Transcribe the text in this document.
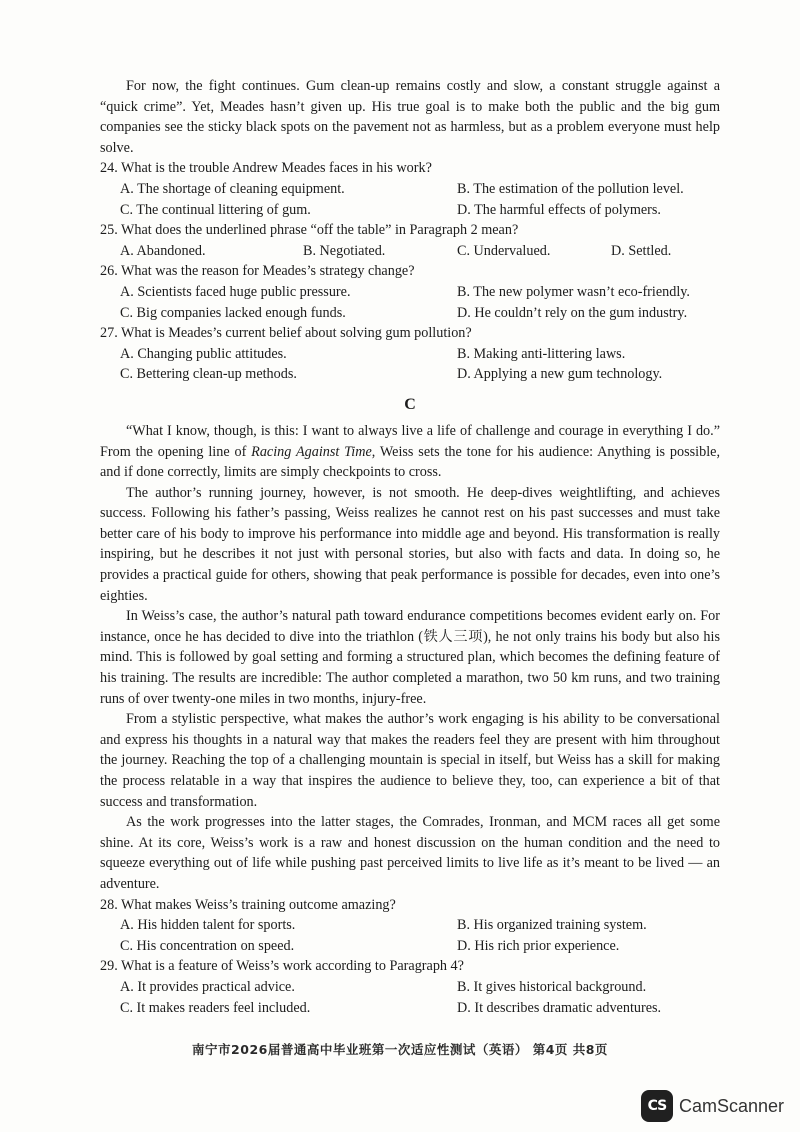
For now, the fight continues. Gum clean-up remains costly and slow, a constant struggle against a “quick crime”. Yet, Meades hasn’t given up. His true goal is to make both the public and the big gum companies see the sticky black spots on the pavement not as harmless, but as a problem everyone must help solve.

24. What is the trouble Andrew Meades faces in his work?

A. The shortage of cleaning equipment.	B. The estimation of the pollution level.
C. The continual littering of gum.	D. The harmful effects of polymers.

25. What does the underlined phrase “off the table” in Paragraph 2 mean?

A. Abandoned.	B. Negotiated.	C. Undervalued.	D. Settled.

26. What was the reason for Meades’s strategy change?

A. Scientists faced huge public pressure.	B. The new polymer wasn’t eco-friendly.
C. Big companies lacked enough funds.	D. He couldn’t rely on the gum industry.

27. What is Meades’s current belief about solving gum pollution?

A. Changing public attitudes.	B. Making anti-littering laws.
C. Bettering clean-up methods.	D. Applying a new gum technology.
C

“What I know, though, is this: I want to always live a life of challenge and courage in everything I do.” From the opening line of Racing Against Time, Weiss sets the tone for his audience: Anything is possible, and if done correctly, limits are simply checkpoints to cross.

The author’s running journey, however, is not smooth. He deep-dives weightlifting, and achieves success. Following his father’s passing, Weiss realizes he cannot rest on his past successes and must take better care of his body to improve his performance into middle age and beyond. His transformation is really inspiring, but he describes it not just with personal stories, but also with facts and data. In doing so, he provides a practical guide for others, showing that peak performance is possible for decades, even into one’s eighties.

In Weiss’s case, the author’s natural path toward endurance competitions becomes evident early on. For instance, once he has decided to dive into the triathlon (铁人三项), he not only trains his body but also his mind. This is followed by goal setting and forming a structured plan, which becomes the defining feature of his training. The results are incredible: The author completed a marathon, two 50 km runs, and two training runs of over twenty-one miles in two months, injury-free.

From a stylistic perspective, what makes the author’s work engaging is his ability to be conversational and express his thoughts in a natural way that makes the readers feel they are present with him throughout the journey. Reaching the top of a challenging mountain is special in itself, but Weiss has a skill for making the process relatable in a way that inspires the audience to believe they, too, can experience a bit of that success and transformation.

As the work progresses into the latter stages, the Comrades, Ironman, and MCM races all get some shine. At its core, Weiss’s work is a raw and honest discussion on the human condition and the need to squeeze everything out of life while pushing past perceived limits to live life as it’s meant to be lived — an adventure.

28. What makes Weiss’s training outcome amazing?

A. His hidden talent for sports.	B. His organized training system.
C. His concentration on speed.	D. His rich prior experience.

29. What is a feature of Weiss’s work according to Paragraph 4?

A. It provides practical advice.	B. It gives historical background.
C. It makes readers feel included.	D. It describes dramatic adventures.
南宁市2026届普通高中毕业班第一次适应性测试（英语） 第4页 共8页
CS CamScanner
